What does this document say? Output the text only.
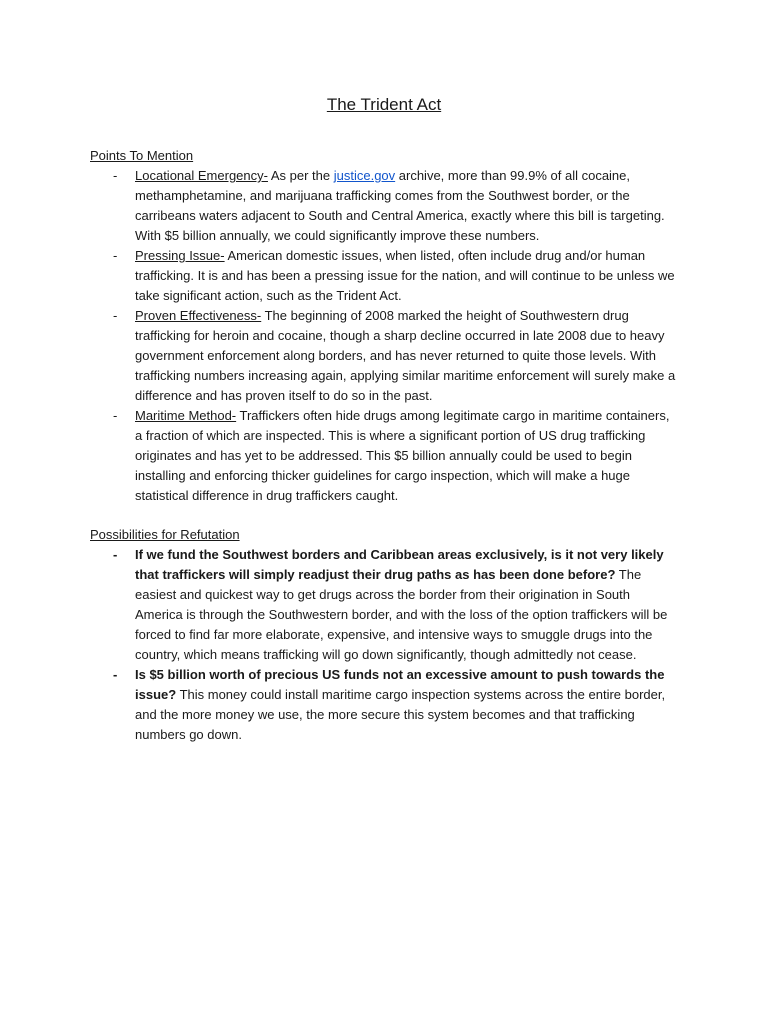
The Trident Act
Points To Mention
- Locational Emergency- As per the justice.gov archive, more than 99.9% of all cocaine, methamphetamine, and marijuana trafficking comes from the Southwest border, or the carribeans waters adjacent to South and Central America, exactly where this bill is targeting. With $5 billion annually, we could significantly improve these numbers.
- Pressing Issue- American domestic issues, when listed, often include drug and/or human trafficking. It is and has been a pressing issue for the nation, and will continue to be unless we take significant action, such as the Trident Act.
- Proven Effectiveness- The beginning of 2008 marked the height of Southwestern drug trafficking for heroin and cocaine, though a sharp decline occurred in late 2008 due to heavy government enforcement along borders, and has never returned to quite those levels. With trafficking numbers increasing again, applying similar maritime enforcement will surely make a difference and has proven itself to do so in the past.
- Maritime Method- Traffickers often hide drugs among legitimate cargo in maritime containers, a fraction of which are inspected. This is where a significant portion of US drug trafficking originates and has yet to be addressed. This $5 billion annually could be used to begin installing and enforcing thicker guidelines for cargo inspection, which will make a huge statistical difference in drug traffickers caught.
Possibilities for Refutation
- If we fund the Southwest borders and Caribbean areas exclusively, is it not very likely that traffickers will simply readjust their drug paths as has been done before? The easiest and quickest way to get drugs across the border from their origination in South America is through the Southwestern border, and with the loss of the option traffickers will be forced to find far more elaborate, expensive, and intensive ways to smuggle drugs into the country, which means trafficking will go down significantly, though admittedly not cease.
- Is $5 billion worth of precious US funds not an excessive amount to push towards the issue? This money could install maritime cargo inspection systems across the entire border, and the more money we use, the more secure this system becomes and that trafficking numbers go down.
